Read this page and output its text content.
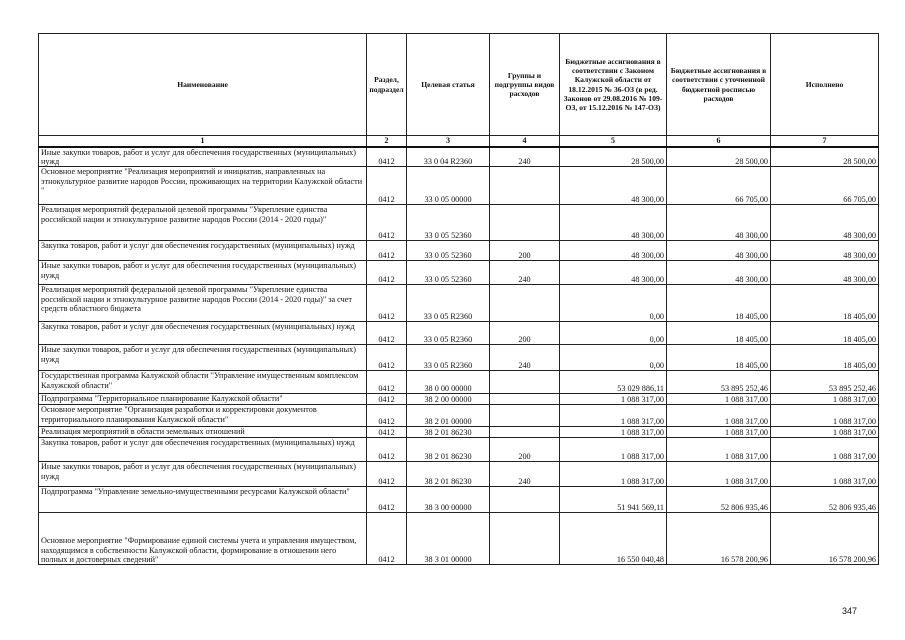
Наименование	Раздел, подраздел	Целевая статья	Группы и подгруппы видов расходов	Бюджетные ассигнования в соответствии с Законом Калужской области от 18.12.2015 № 36-ОЗ (в ред. Законов от 29.08.2016 № 109-ОЗ, от 15.12.2016 № 147-ОЗ)	Бюджетные ассигнования в соответствии с уточненной бюджетной росписью расходов	Исполнено
1	2	3	4	5	6	7
Иные закупки товаров, работ и услуг для обеспечения государственных (муниципальных) нужд	0412	33 0 04 R2360	240	28 500,00	28 500,00	28 500,00
Основное мероприятие "Реализация мероприятий и инициатив, направленных на этнокультурное развитие народов России, проживающих на территории Калужской области "	0412	33 0 05 00000		48 300,00	66 705,00	66 705,00
Реализация мероприятий федеральной целевой программы "Укрепление единства российской нации и этнокультурное развитие народов России (2014 - 2020 годы)"	0412	33 0 05 52360		48 300,00	48 300,00	48 300,00
Закупка товаров, работ и услуг для обеспечения государственных (муниципальных) нужд	0412	33 0 05 52360	200	48 300,00	48 300,00	48 300,00
Иные закупки товаров, работ и услуг для обеспечения государственных (муниципальных) нужд	0412	33 0 05 52360	240	48 300,00	48 300,00	48 300,00
Реализация мероприятий федеральной целевой программы "Укрепление единства российской нации и этнокультурное развитие народов России (2014 - 2020 годы)" за счет средств областного бюджета	0412	33 0 05 R2360		0,00	18 405,00	18 405,00
Закупка товаров, работ и услуг для обеспечения государственных (муниципальных) нужд	0412	33 0 05 R2360	200	0,00	18 405,00	18 405,00
Иные закупки товаров, работ и услуг для обеспечения государственных (муниципальных) нужд	0412	33 0 05 R2360	240	0,00	18 405,00	18 405,00
Государственная программа Калужской области "Управление имущественным комплексом Калужской области"	0412	38 0 00 00000		53 029 886,11	53 895 252,46	53 895 252,46
Подпрограмма "Территориальное планирование Калужской области"	0412	38 2 00 00000		1 088 317,00	1 088 317,00	1 088 317,00
Основное мероприятие "Организация разработки и корректировки документов территориального планирования Калужской области"	0412	38 2 01 00000		1 088 317,00	1 088 317,00	1 088 317,00
Реализация мероприятий в области земельных отношений	0412	38 2 01 86230		1 088 317,00	1 088 317,00	1 088 317,00
Закупка товаров, работ и услуг для обеспечения государственных (муниципальных) нужд	0412	38 2 01 86230	200	1 088 317,00	1 088 317,00	1 088 317,00
Иные закупки товаров, работ и услуг для обеспечения государственных (муниципальных) нужд	0412	38 2 01 86230	240	1 088 317,00	1 088 317,00	1 088 317,00
Подпрограмма "Управление земельно-имущественными ресурсами Калужской области"	0412	38 3 00 00000		51 941 569,11	52 806 935,46	52 806 935,46
Основное мероприятие "Формирование единой системы учета и управления имуществом, находящимся в собственности Калужской области, формирование в отношении него полных и достоверных сведений"	0412	38 3 01 00000		16 550 040,48	16 578 200,96	16 578 200,96
347
